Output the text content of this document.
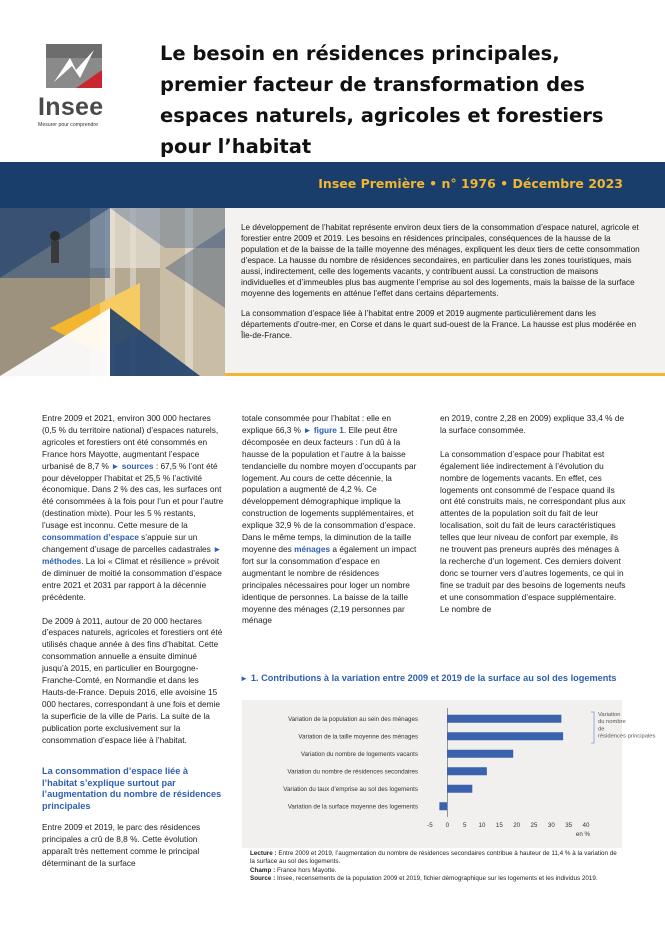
Insee
Mesurer pour comprendre
Le besoin en résidences principales, premier facteur de transformation des espaces naturels, agricoles et forestiers pour l’habitat
Insee Première • n° 1976 • Décembre 2023

Le développement de l’habitat représente environ deux tiers de la consommation d’espace naturel, agricole et forestier entre 2009 et 2019. Les besoins en résidences principales, conséquences de la hausse de la population et de la baisse de la taille moyenne des ménages, expliquent les deux tiers de cette consommation d’espace. La hausse du nombre de résidences secondaires, en particulier dans les zones touristiques, mais aussi, indirectement, celle des logements vacants, y contribuent aussi. La construction de maisons individuelles et d’immeubles plus bas augmente l’emprise au sol des logements, mais la baisse de la surface moyenne des logements en atténue l’effet dans certains départements.

La consommation d’espace liée à l’habitat entre 2009 et 2019 augmente particulièrement dans les départements d’outre-mer, en Corse et dans le quart sud-ouest de la France. La hausse est plus modérée en Île-de-France.

Entre 2009 et 2021, environ 300 000 hectares (0,5 % du territoire national) d’espaces naturels, agricoles et forestiers ont été consommés en France hors Mayotte, augmentant l’espace urbanisé de 8,7 % ► sources : 67,5 % l’ont été pour développer l’habitat et 25,5 % l’activité économique. Dans 2 % des cas, les surfaces ont été consommées à la fois pour l’un et pour l’autre (destination mixte). Pour les 5 % restants, l’usage est inconnu. Cette mesure de la consommation d’espace s’appuie sur un changement d’usage de parcelles cadastrales ► méthodes. La loi « Climat et résilience » prévoit de diminuer de moitié la consommation d’espace entre 2021 et 2031 par rapport à la décennie précédente.

De 2009 à 2011, autour de 20 000 hectares d’espaces naturels, agricoles et forestiers ont été utilisés chaque année à des fins d’habitat. Cette consommation annuelle a ensuite diminué jusqu’à 2015, en particulier en Bourgogne-Franche-Comté, en Normandie et dans les Hauts-de-France. Depuis 2016, elle avoisine 15 000 hectares, correspondant à une fois et demie la superficie de la ville de Paris. La suite de la publication porte exclusivement sur la consommation d’espace liée à l’habitat.

La consommation d’espace liée à l’habitat s’explique surtout par l’augmentation du nombre de résidences principales

Entre 2009 et 2019, le parc des résidences principales a crû de 8,8 %. Cette évolution apparaît très nettement comme le principal déterminant de la surface

totale consommée pour l’habitat : elle en explique 66,3 % ► figure 1. Elle peut être décomposée en deux facteurs : l’un dû à la hausse de la population et l’autre à la baisse tendancielle du nombre moyen d’occupants par logement. Au cours de cette décennie, la population a augmenté de 4,2 %. Ce développement démographique implique la construction de logements supplémentaires, et explique 32,9 % de la consommation d’espace. Dans le même temps, la diminution de la taille moyenne des ménages a également un impact fort sur la consommation d’espace en augmentant le nombre de résidences principales nécessaires pour loger un nombre identique de personnes. La baisse de la taille moyenne des ménages (2,19 personnes par ménage

en 2019, contre 2,28 en 2009) explique 33,4 % de la surface consommée.

La consommation d’espace pour l’habitat est également liée indirectement à l’évolution du nombre de logements vacants. En effet, ces logements ont consommé de l’espace quand ils ont été construits mais, ne correspondant plus aux attentes de la population soit du fait de leur localisation, soit du fait de leurs caractéristiques telles que leur niveau de confort par exemple, ils ne trouvent pas preneurs auprès des ménages à la recherche d’un logement. Ces derniers doivent donc se tourner vers d’autres logements, ce qui in fine se traduit par des besoins de logements neufs et une consommation d’espace supplémentaire. Le nombre de

► 1. Contributions à la variation entre 2009 et 2019 de la surface au sol des logements
Variation de la population au sein des ménages
Variation de la taille moyenne des ménages
Variation du nombre de logements vacants
Variation du nombre de résidences secondaires
Variation du taux d’emprise au sol des logements
Variation de la surface moyenne des logements
-5 0 5 10 15 20 25 30 35 40
en %
Variation du nombre de résidences principales
Lecture : Entre 2009 et 2019, l’augmentation du nombre de résidences secondaires contribue à hauteur de 11,4 % à la variation de la surface au sol des logements.
Champ : France hors Mayotte.
Source : Insee, recensements de la population 2009 et 2019, fichier démographique sur les logements et les individus 2019.
